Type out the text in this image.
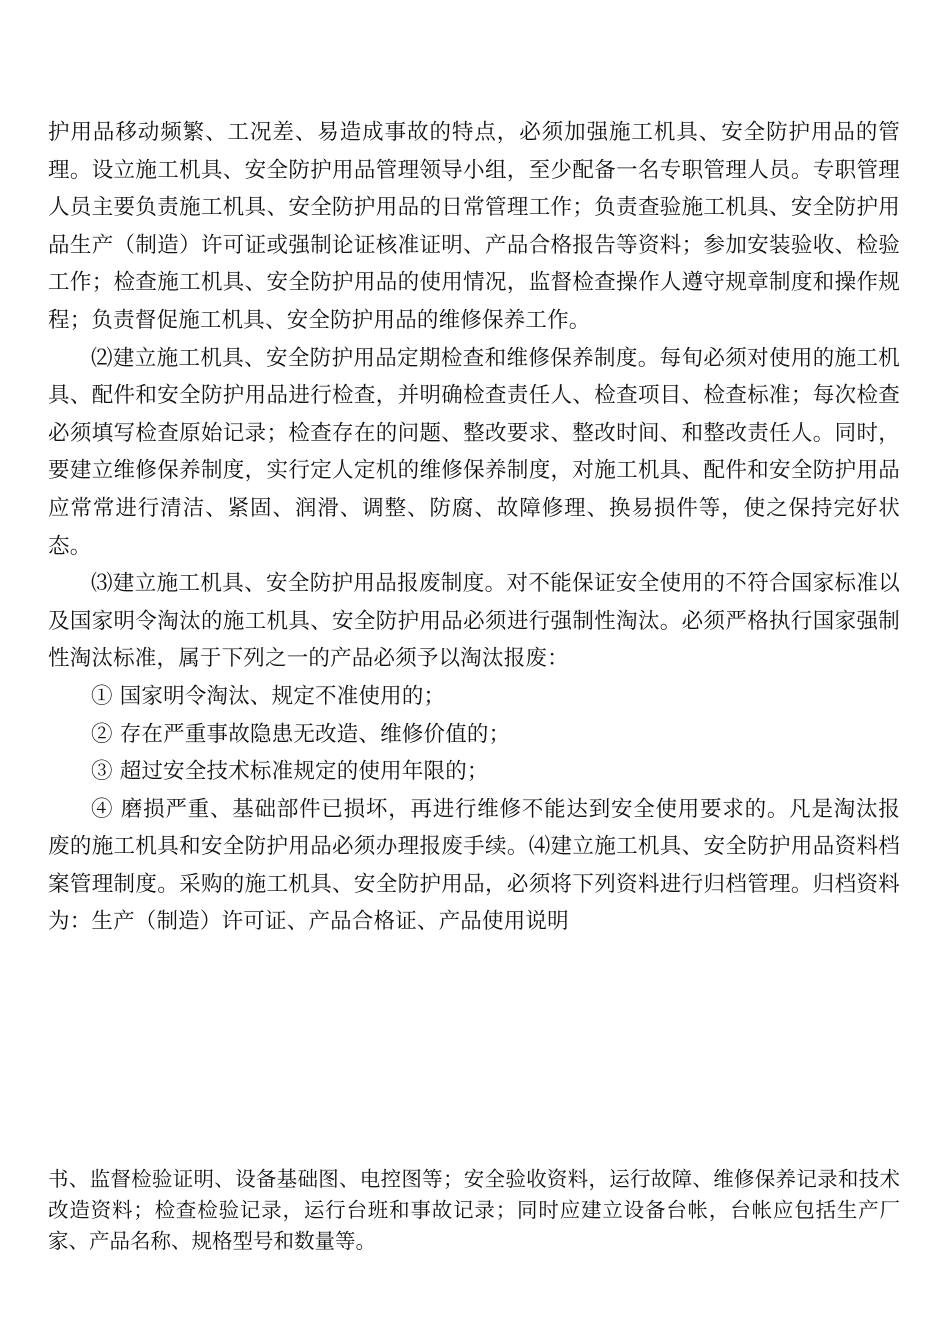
护用品移动频繁、工况差、易造成事故的特点，必须加强施工机具、安全防护用品的管理。设立施工机具、安全防护用品管理领导小组，至少配备一名专职管理人员。专职管理人员主要负责施工机具、安全防护用品的日常管理工作；负责查验施工机具、安全防护用品生产（制造）许可证或强制论证核准证明、产品合格报告等资料；参加安装验收、检验工作；检查施工机具、安全防护用品的使用情况，监督检查操作人遵守规章制度和操作规程；负责督促施工机具、安全防护用品的维修保养工作。

⑵建立施工机具、安全防护用品定期检查和维修保养制度。每旬必须对使用的施工机具、配件和安全防护用品进行检查，并明确检查责任人、检查项目、检查标准；每次检查必须填写检查原始记录；检查存在的问题、整改要求、整改时间、和整改责任人。同时，要建立维修保养制度，实行定人定机的维修保养制度，对施工机具、配件和安全防护用品应常常进行清洁、紧固、润滑、调整、防腐、故障修理、换易损件等，使之保持完好状态。

⑶建立施工机具、安全防护用品报废制度。对不能保证安全使用的不符合国家标准以及国家明令淘汰的施工机具、安全防护用品必须进行强制性淘汰。必须严格执行国家强制性淘汰标准，属于下列之一的产品必须予以淘汰报废：

① 国家明令淘汰、规定不准使用的；

② 存在严重事故隐患无改造、维修价值的；

③ 超过安全技术标准规定的使用年限的；

④ 磨损严重、基础部件已损坏，再进行维修不能达到安全使用要求的。凡是淘汰报废的施工机具和安全防护用品必须办理报废手续。⑷建立施工机具、安全防护用品资料档案管理制度。采购的施工机具、安全防护用品，必须将下列资料进行归档管理。归档资料为：生产（制造）许可证、产品合格证、产品使用说明

书、监督检验证明、设备基础图、电控图等；安全验收资料，运行故障、维修保养记录和技术改造资料；检查检验记录，运行台班和事故记录；同时应建立设备台帐，台帐应包括生产厂家、产品名称、规格型号和数量等。
